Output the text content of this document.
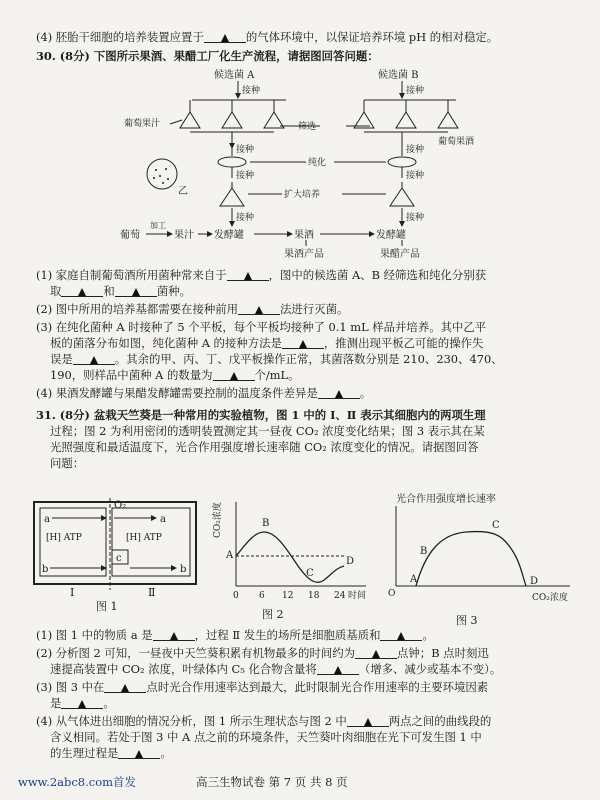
(4) 胚胎干细胞的培养装置应置于	的气体环境中，以保证培养环境 pH 的相对稳定。
30. (8分) 下图所示果酒、果醋工厂化生产流程，请据图回答问题：
候选菌 A
接种
葡萄果汁	筛选
候选菌 B
接种
葡萄果酒
接种	接种
纯化
乙
接种	接种
扩大培养
接种	接种
葡萄
加工
果汁 发酵罐	果酒	发酵罐
果酒产品	果醋产品
(1) 家庭自制葡萄酒所用菌种常来自于	，图中的候选菌 A、B 经筛选和纯化分别获
取	和	菌种。
(2) 图中所用的培养基都需要在接种前用	法进行灭菌。
(3) 在纯化菌种 A 时接种了 5 个平板，每个平板均接种了 0.1 mL 样品并培养。其中乙平
板的菌落分布如图，纯化菌种 A 的接种方法是	，推测出现平板乙可能的操作失
误是	。其余的甲、丙、丁、戊平板操作正常，其菌落数分别是 210、230、470、
190，则样品中菌种 A 的数量为	个/mL。
(4) 果酒发酵罐与果醋发酵罐需要控制的温度条件差异是	。
31. (8分) 盆栽天竺葵是一种常用的实验植物，图 1 中的 Ⅰ、Ⅱ 表示其细胞内的两项生理
过程；图 2 为利用密闭的透明装置测定其一昼夜 CO₂ 浓度变化结果；图 3 表示其在某
光照强度和最适温度下，光合作用强度增长速率随 CO₂ 浓度变化的情况。请据图回答
问题：
O₂
a	a
[H] ATP	[H] ATP
c
b	b
Ⅰ	Ⅱ
图 1
CO₂浓度
A
B
C
D
0 6 12 18 24 时间
图 2
光合作用强度增长速率
A
B
C
D
O	CO₂浓度
图 3
(1) 图 1 中的物质 a 是	，过程 Ⅱ 发生的场所是细胞质基质和	。
(2) 分析图 2 可知，一昼夜中天竺葵积累有机物最多的时间约为	点钟；B 点时刻迅
速提高装置中 CO₂ 浓度，叶绿体内 C₅ 化合物含量将	（增多、减少或基本不变）。
(3) 图 3 中在	点时光合作用速率达到最大，此时限制光合作用速率的主要环境因素
是	。
(4) 从气体进出细胞的情况分析，图 1 所示生理状态与图 2 中	两点之间的曲线段的
含义相同。若处于图 3 中 A 点之前的环境条件，天竺葵叶肉细胞在光下可发生图 1 中
的生理过程是	。
www.2abc8.com首发	高三生物试卷 第 7 页 共 8 页
